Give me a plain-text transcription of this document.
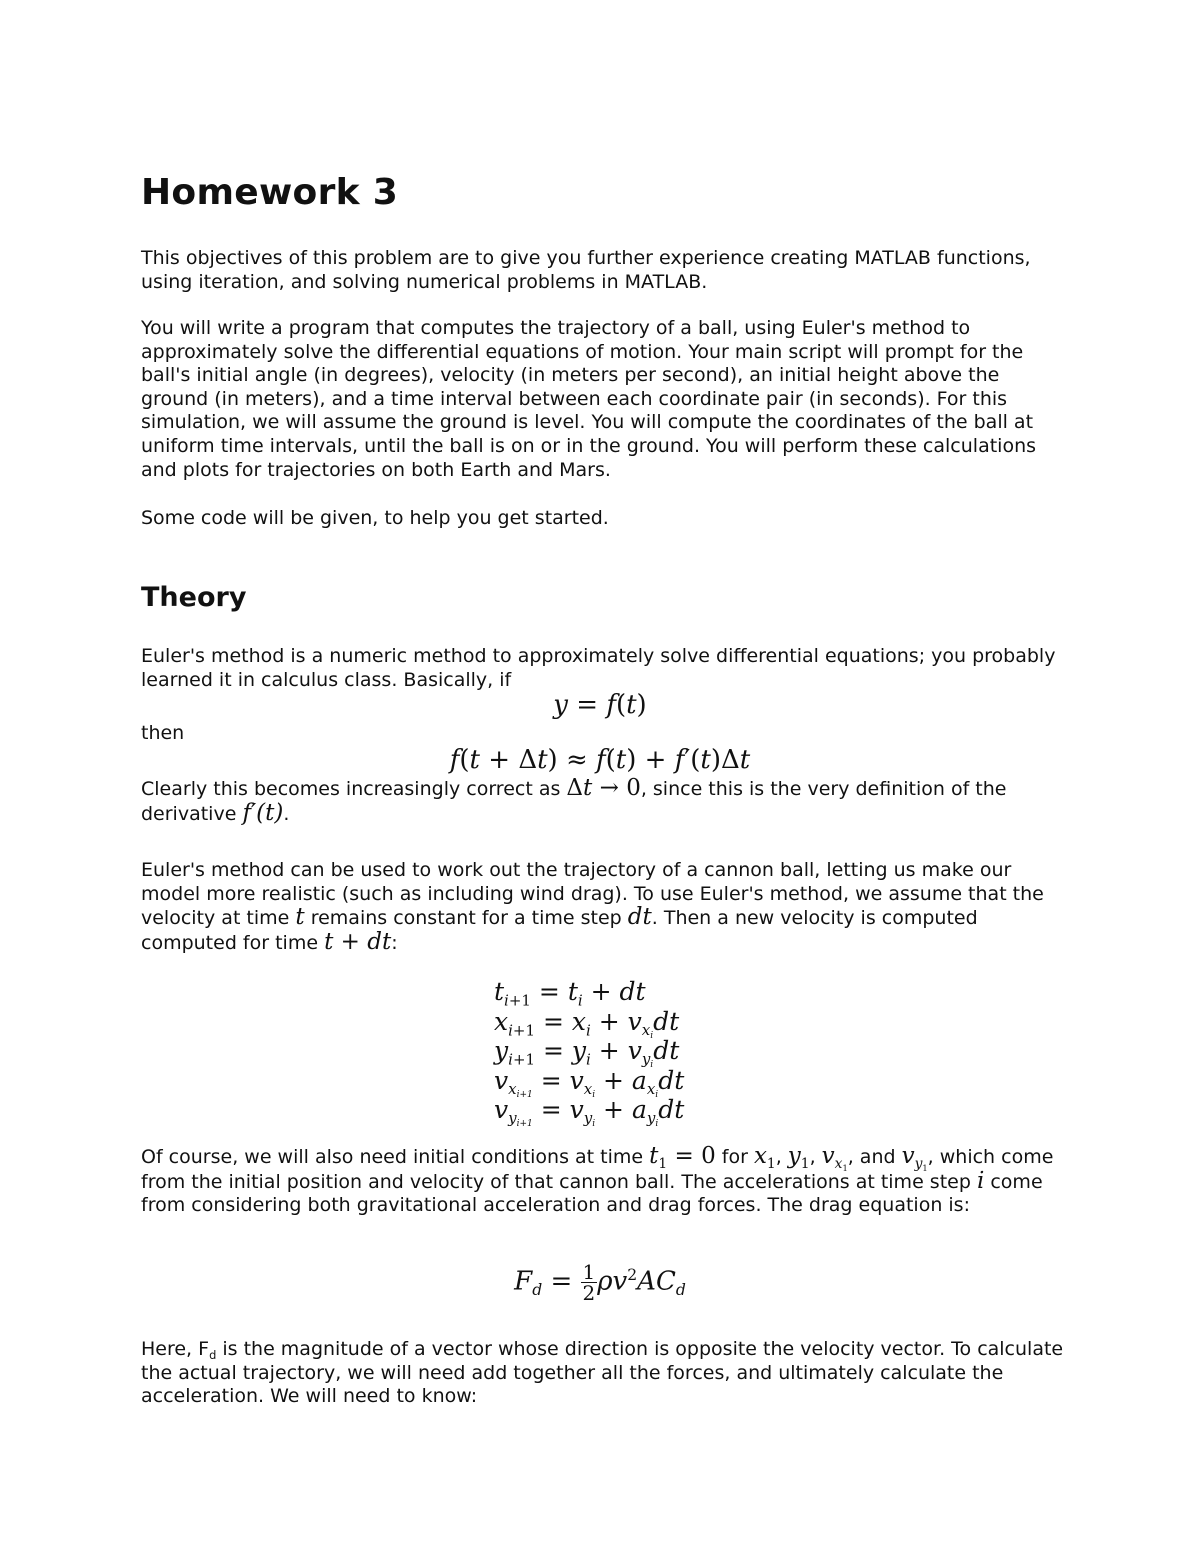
Homework 3

This objectives of this problem are to give you further experience creating MATLAB functions, using iteration, and solving numerical problems in MATLAB.

You will write a program that computes the trajectory of a ball, using Euler's method to approximately solve the differential equations of motion. Your main script will prompt for the ball's initial angle (in degrees), velocity (in meters per second), an initial height above the ground (in meters), and a time interval between each coordinate pair (in seconds). For this simulation, we will assume the ground is level. You will compute the coordinates of the ball at uniform time intervals, until the ball is on or in the ground. You will perform these calculations and plots for trajectories on both Earth and Mars.

Some code will be given, to help you get started.

Theory

Euler's method is a numeric method to approximately solve differential equations; you probably learned it in calculus class. Basically, if

y = f(t)

then

f(t + Δt) ≈ f(t) + f′(t)Δt

Clearly this becomes increasingly correct as Δt → 0, since this is the very definition of the derivative f′(t).

Euler's method can be used to work out the trajectory of a cannon ball, letting us make our model more realistic (such as including wind drag). To use Euler's method, we assume that the velocity at time t remains constant for a time step dt. Then a new velocity is computed computed for time t + dt:

$t_{i+1} = t_i$ + dt
$x_{i+1} = x_i + v_{x_i}dt$
$y_{i+1} = y_i + v_{y_i}dt$
$v_{x_{i+1}} = v_{x_i} + a_{x_i}dt$
$v_{y_{i+1}} = v_{y_i} + a_{y_i}dt$

Of course, we will also need initial conditions at time $t_1 = 0$ for $x_1$, $y_1$, $v_{x_1}$, and $v_{y_1}$, which come from the initial position and velocity of that cannon ball. The accelerations at time step i come from considering both gravitational acceleration and drag forces. The drag equation is:

$F_d = \frac{1}{2} \rho v^2AC_d$

Here, $F_d$ is the magnitude of a vector whose direction is opposite the velocity vector. To calculate the actual trajectory, we will need add together all the forces, and ultimately calculate the acceleration. We will need to know:
